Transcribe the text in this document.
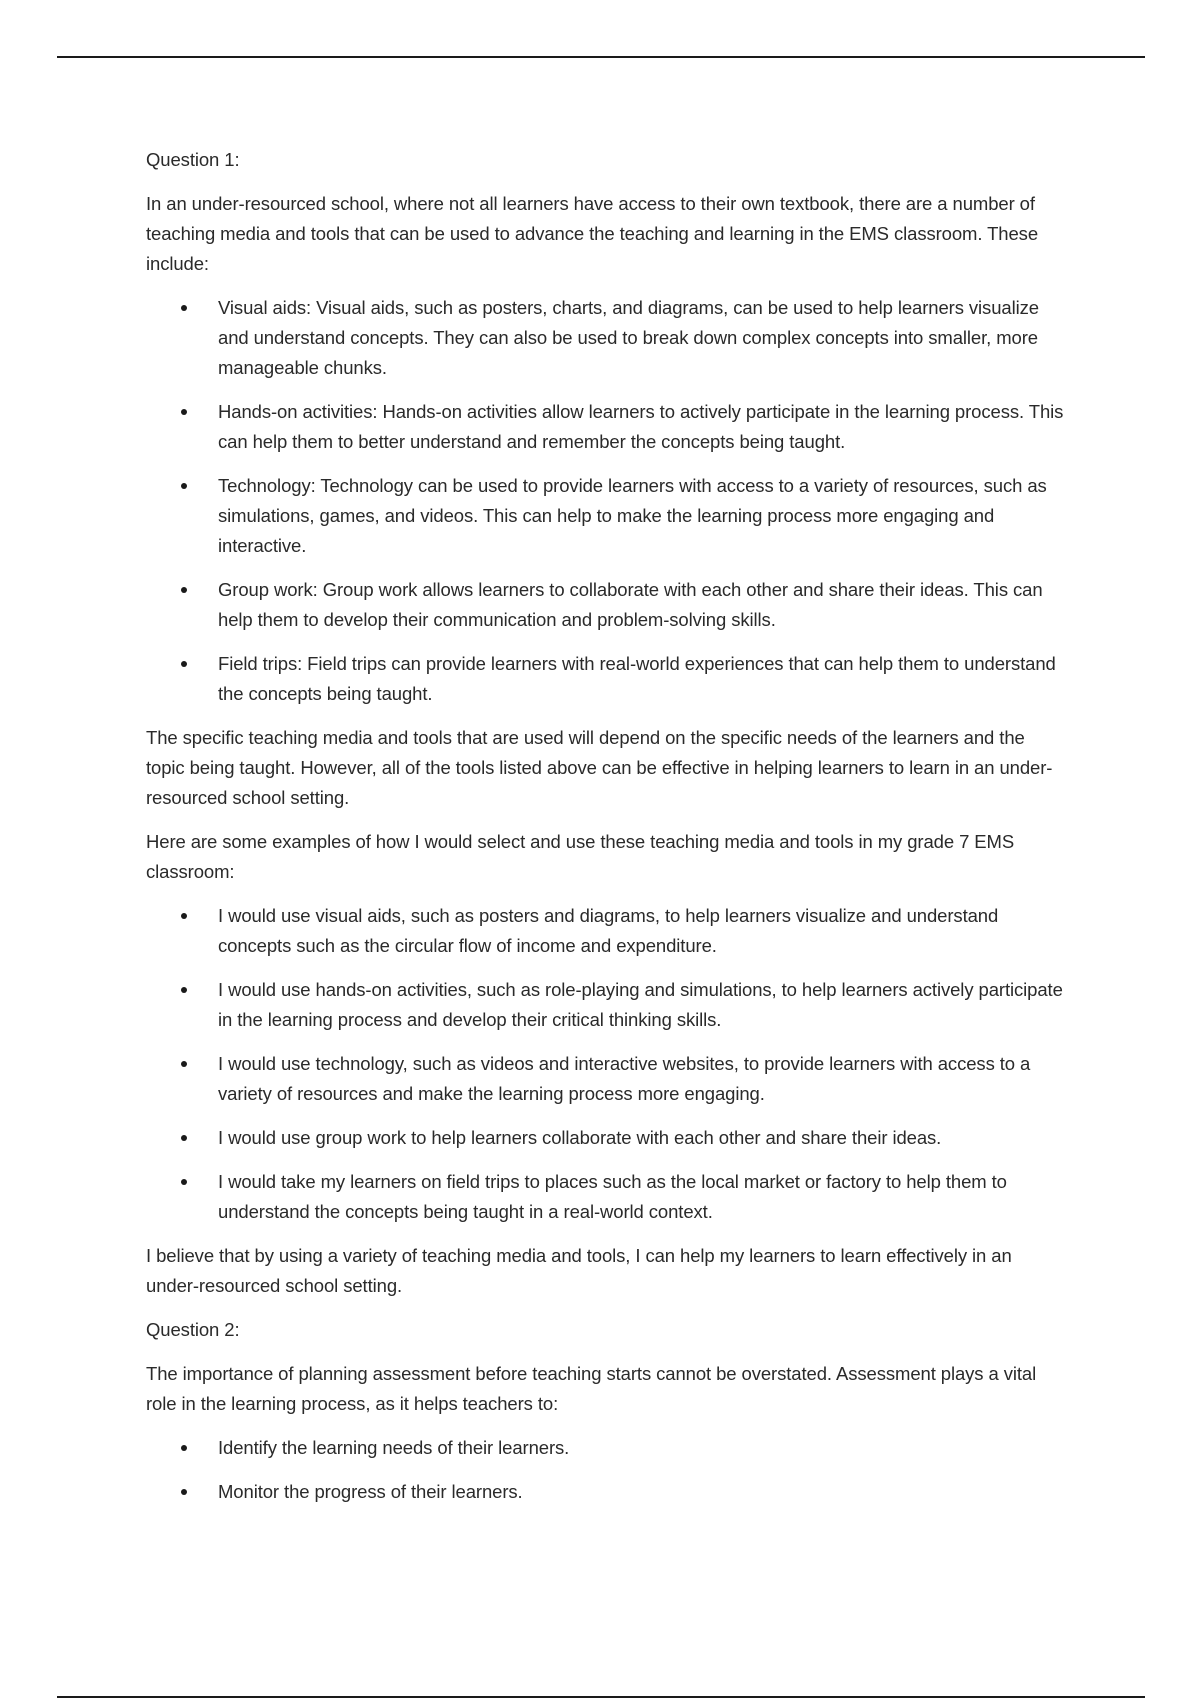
Question 1:

In an under-resourced school, where not all learners have access to their own textbook, there are a number of teaching media and tools that can be used to advance the teaching and learning in the EMS classroom. These include:

Visual aids: Visual aids, such as posters, charts, and diagrams, can be used to help learners visualize and understand concepts. They can also be used to break down complex concepts into smaller, more manageable chunks.
Hands-on activities: Hands-on activities allow learners to actively participate in the learning process. This can help them to better understand and remember the concepts being taught.
Technology: Technology can be used to provide learners with access to a variety of resources, such as simulations, games, and videos. This can help to make the learning process more engaging and interactive.
Group work: Group work allows learners to collaborate with each other and share their ideas. This can help them to develop their communication and problem-solving skills.
Field trips: Field trips can provide learners with real-world experiences that can help them to understand the concepts being taught.

The specific teaching media and tools that are used will depend on the specific needs of the learners and the topic being taught. However, all of the tools listed above can be effective in helping learners to learn in an under-resourced school setting.

Here are some examples of how I would select and use these teaching media and tools in my grade 7 EMS classroom:

I would use visual aids, such as posters and diagrams, to help learners visualize and understand concepts such as the circular flow of income and expenditure.
I would use hands-on activities, such as role-playing and simulations, to help learners actively participate in the learning process and develop their critical thinking skills.
I would use technology, such as videos and interactive websites, to provide learners with access to a variety of resources and make the learning process more engaging.
I would use group work to help learners collaborate with each other and share their ideas.
I would take my learners on field trips to places such as the local market or factory to help them to understand the concepts being taught in a real-world context.

I believe that by using a variety of teaching media and tools, I can help my learners to learn effectively in an under-resourced school setting.

Question 2:

The importance of planning assessment before teaching starts cannot be overstated. Assessment plays a vital role in the learning process, as it helps teachers to:

Identify the learning needs of their learners.
Monitor the progress of their learners.
